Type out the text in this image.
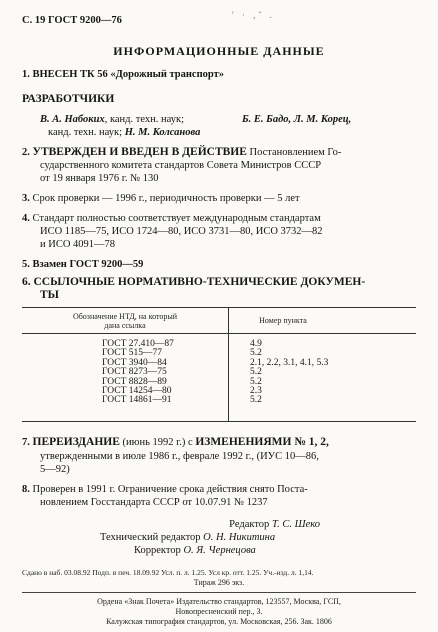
С. 19 ГОСТ 9200—76	' · ,ˇ .
ИНФОРМАЦИОННЫЕ ДАННЫЕ
1. ВНЕСЕН ТК 56 «Дорожный транспорт»
РАЗРАБОТЧИКИ
В. А. Набоких, канд. техн. наук;	Б. Е. Бадо, Л. М. Корец,
канд. техн. наук; Н. М. Колсанова
2. УТВЕРЖДЕН И ВВЕДЕН В ДЕЙСТВИЕ Постановлением Го-
сударственного комитета стандартов Совета Министров СССР
от 19 января 1976 г. № 130
3. Срок проверки — 1996 г., периодичность проверки — 5 лет
4. Стандарт полностью соответствует международным стандартам
ИСО 1185—75, ИСО 1724—80, ИСО 3731—80, ИСО 3732—82
и ИСО 4091—78
5. Взамен ГОСТ 9200—59
6. ССЫЛОЧНЫЕ НОРМАТИВНО-ТЕХНИЧЕСКИЕ ДОКУМЕН-
ТЫ
Обозначение НТД, на который
дана ссылка
Номер пункта
ГОСТ 27.410—87	4.9
ГОСТ 515—77	5.2
ГОСТ 3940—84	2.1, 2.2, 3.1, 4.1, 5.3
ГОСТ 8273—75	5.2
ГОСТ 8828—89	5.2
ГОСТ 14254—80	2.3
ГОСТ 14861—91	5.2
7. ПЕРЕИЗДАНИЕ (июнь 1992 г.) с ИЗМЕНЕНИЯМИ № 1, 2,
утвержденными в июле 1986 г., феврале 1992 г., (ИУС 10—86,
5—92)
8. Проверен в 1991 г. Ограничение срока действия снято Поста-
новлением Госстандарта СССР от 10.07.91 № 1237
Редактор Т. С. Шеко
Технический редактор О. Н. Никитина
Корректор О. Я. Чернецова
Сдано в наб. 03.08.92 Подп. в печ. 18.09.92 Усл. п. л. 1.25. Усл кр. отт. 1.25. Уч.-изд. л. 1,14.
Тираж 296 экз.
Ордена «Знак Почета» Издательство стандартов, 123557, Москва, ГСП,
Новопресненский пер., 3.
Калужская типография стандартов, ул. Московская, 256. Зак. 1806
